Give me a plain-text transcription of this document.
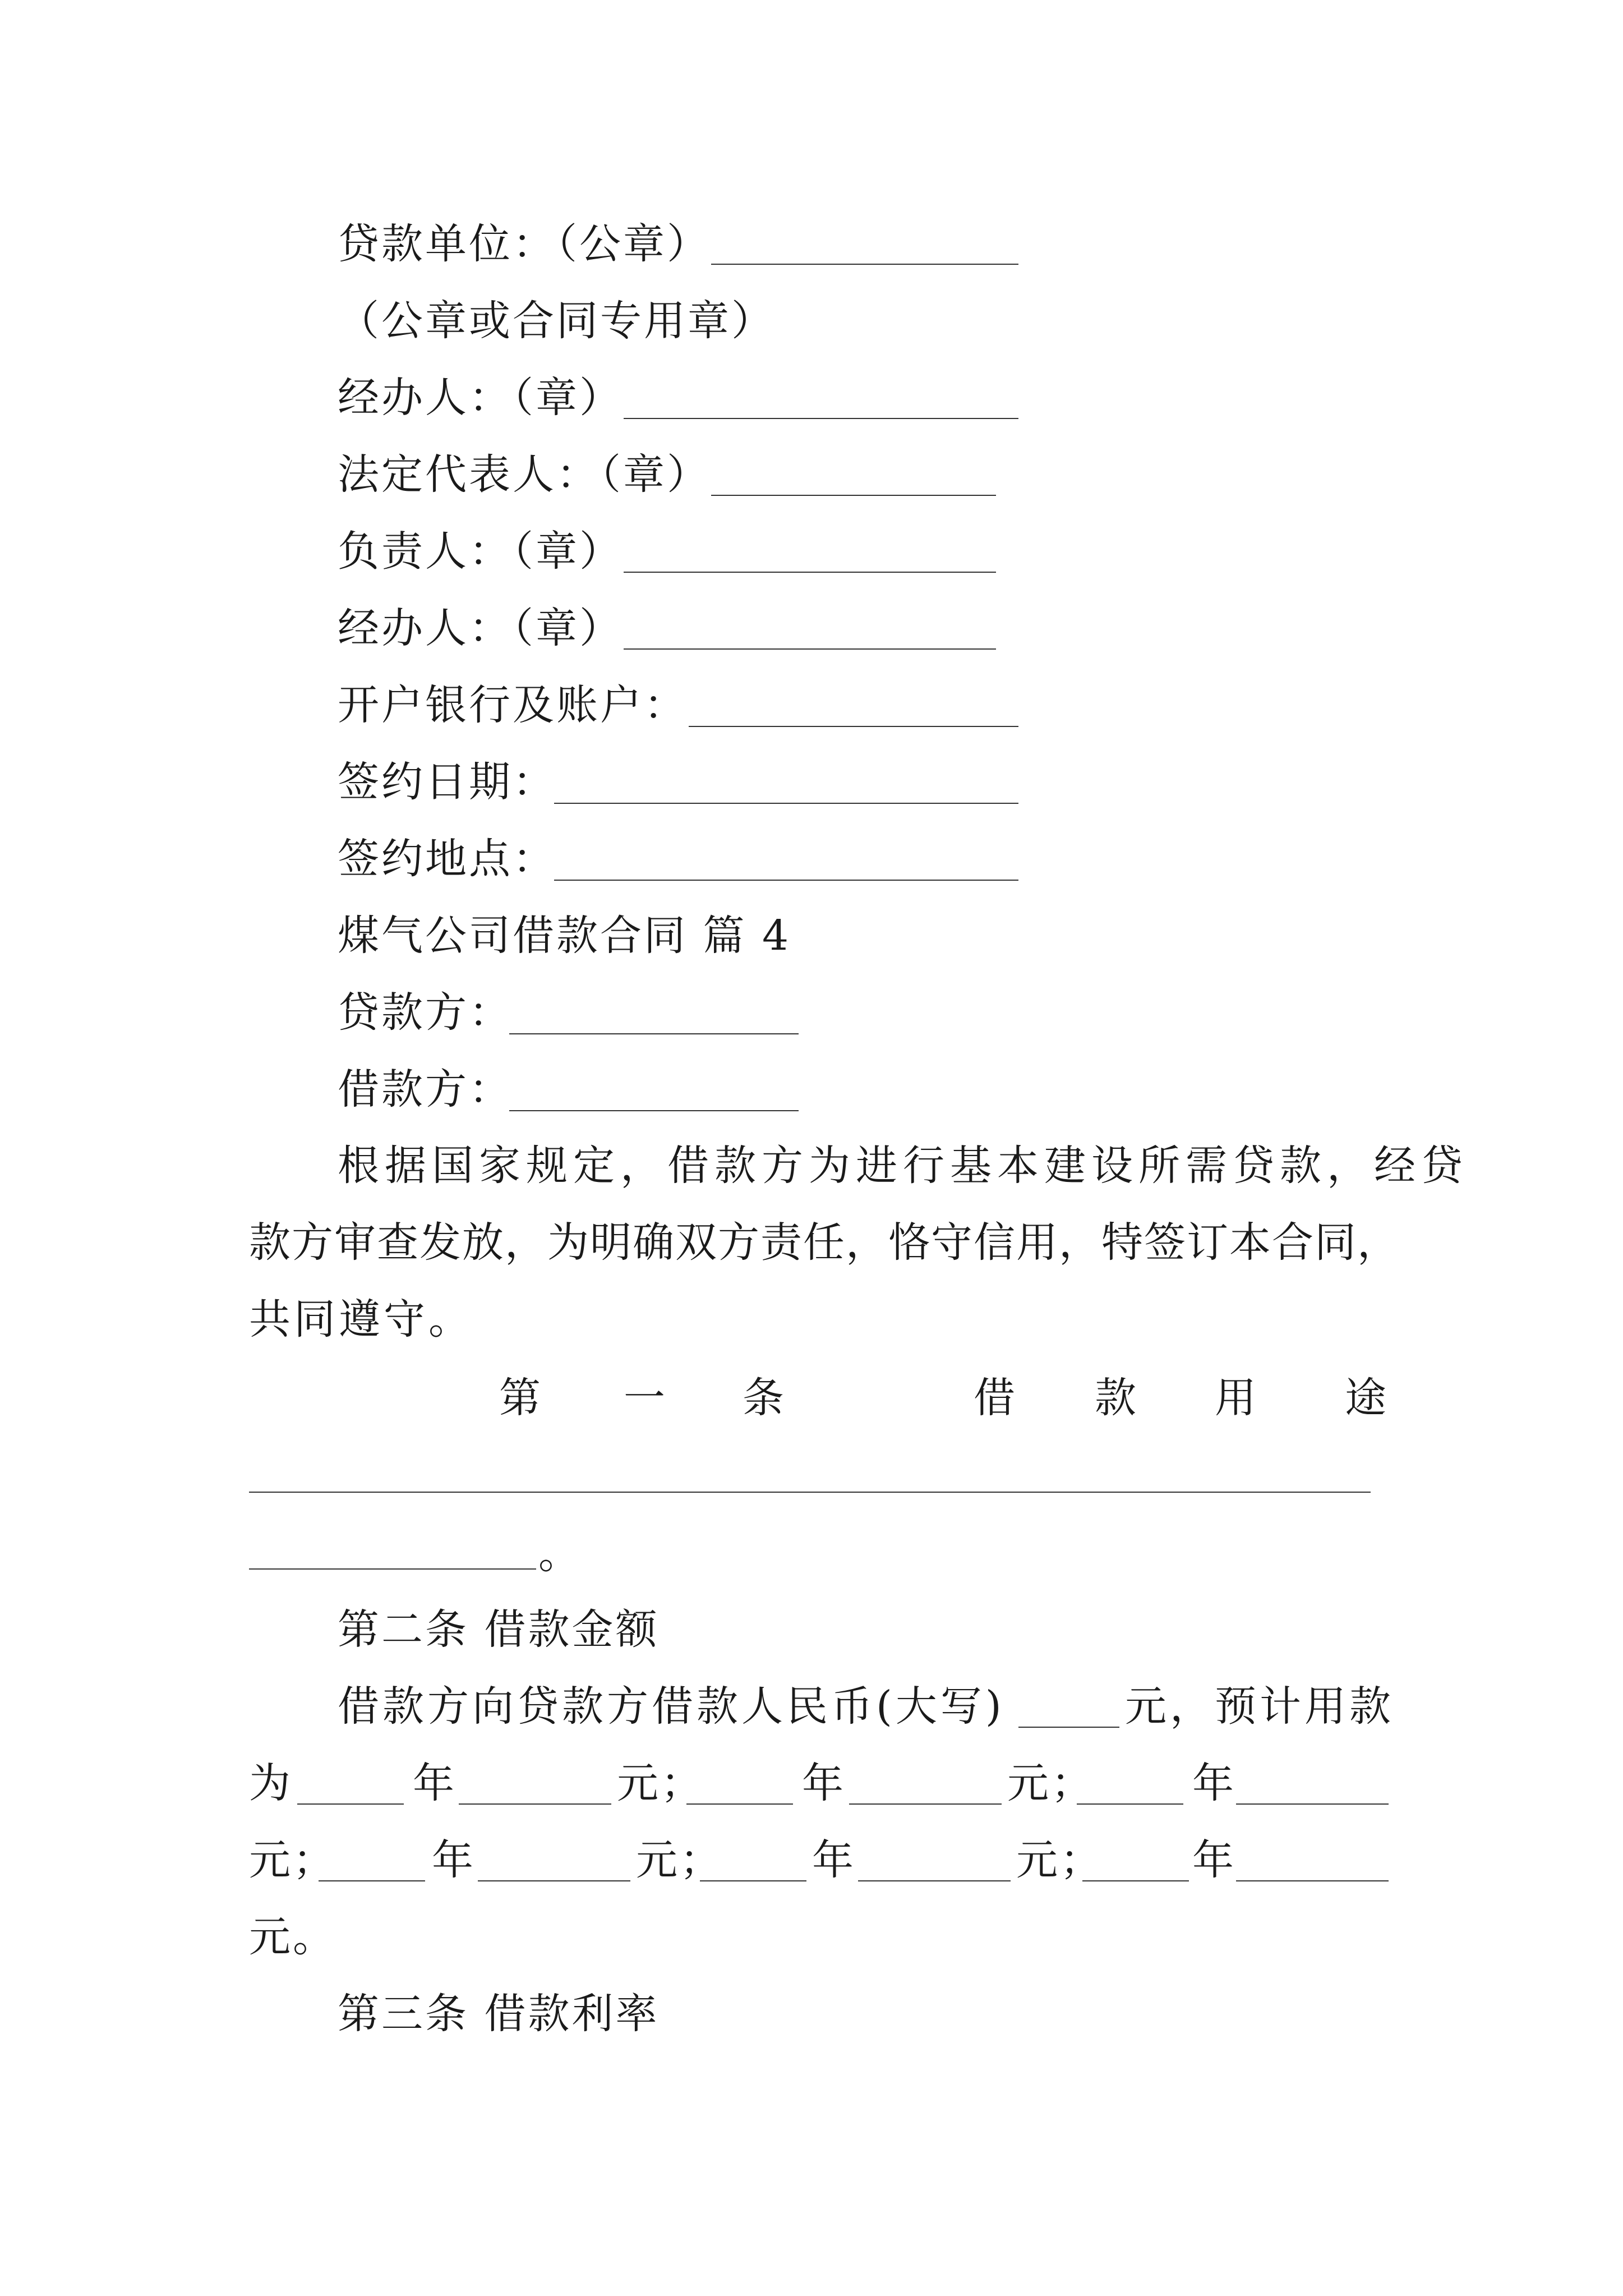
贷款单位：（公章）
（公章或合同专用章）
经办人：（章）
法定代表人：（章）
负责人：（章）
经办人：（章）
开户银行及账户：
签约日期：
签约地点：
煤气公司借款合同 篇 4
贷款方：
借款方：
根据国家规定，借款方为进行基本建设所需贷款，经贷
款方审查发放，为明确双方责任，恪守信用，特签订本合同，
共同遵守。
第 一 条	借 款 用 途
。
第二条 借款金额
借款方向贷款方借款人民币(大写)	元，预计用款
为	年	元； 年	元； 年
元； 年	元； 年	元； 年
元。
第三条 借款利率
